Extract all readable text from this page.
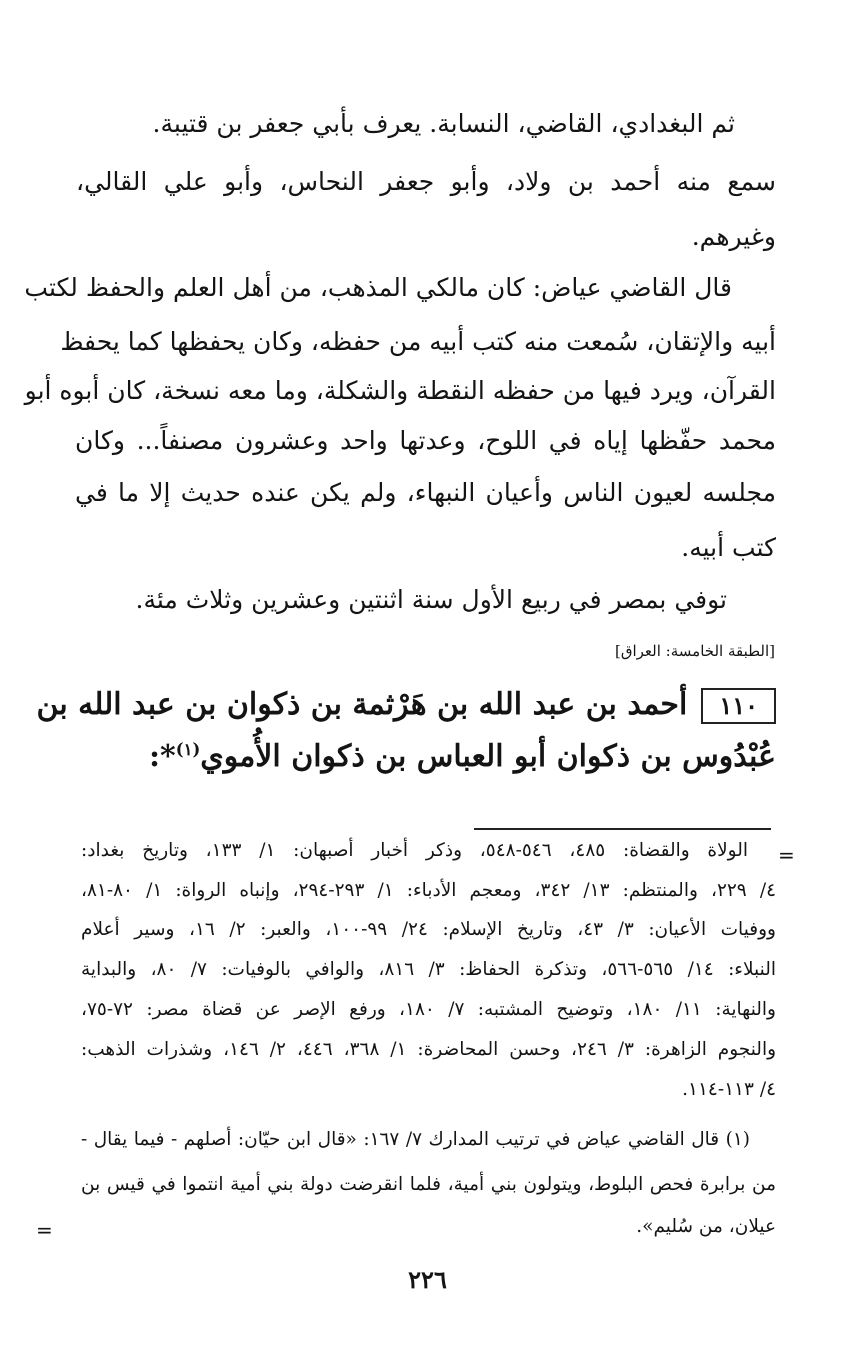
ثم البغدادي، القاضي، النسابة. يعرف بأبي جعفر بن قتيبة.
سمع منه أحمد بن ولاد، وأبو جعفر النحاس، وأبو علي القالي،
وغيرهم.
قال القاضي عياض: كان مالكي المذهب، من أهل العلم والحفظ لكتب
أبيه والإتقان، سُمعت منه كتب أبيه من حفظه، وكان يحفظها كما يحفظ
القرآن، ويرد فيها من حفظه النقطة والشكلة، وما معه نسخة، كان أبوه أبو
محمد حفّظها إياه في اللوح، وعدتها واحد وعشرون مصنفاً... وكان
مجلسه لعيون الناس وأعيان النبهاء، ولم يكن عنده حديث إلا ما في
كتب أبيه.
توفي بمصر في ربيع الأول سنة اثنتين وعشرين وثلاث مئة.
[الطبقة الخامسة: العراق]
١١٠أحمد بن عبد الله بن هَرْثمة بن ذكوان بن عبد الله بن
عُبْدُوس بن ذكوان أبو العباس بن ذكوان الأُموي$^{(١)}$*:
=
=
الولاة والقضاة: ٤٨٥، ٥٤٦-٥٤٨، وذكر أخبار أصبهان: ١/ ١٣٣، وتاريخ بغداد:
٤/ ٢٢٩، والمنتظم: ١٣/ ٣٤٢، ومعجم الأدباء: ١/ ٢٩٣-٢٩٤، وإنباه الرواة: ١/ ٨٠-٨١،
ووفيات الأعيان: ٣/ ٤٣، وتاريخ الإسلام: ٢٤/ ٩٩-١٠٠، والعبر: ٢/ ١٦، وسير أعلام
النبلاء: ١٤/ ٥٦٥-٥٦٦، وتذكرة الحفاظ: ٣/ ٨١٦، والوافي بالوفيات: ٧/ ٨٠، والبداية
والنهاية: ١١/ ١٨٠، وتوضيح المشتبه: ٧/ ١٨٠، ورفع الإصر عن قضاة مصر: ٧٢-٧٥،
والنجوم الزاهرة: ٣/ ٢٤٦، وحسن المحاضرة: ١/ ٣٦٨، ٤٤٦، ٢/ ١٤٦، وشذرات الذهب:
٤/ ١١٣-١١٤.
(١) قال القاضي عياض في ترتيب المدارك ٧/ ١٦٧: «قال ابن حيّان: أصلهم - فيما يقال -
من برابرة فحص البلوط، ويتولون بني أمية، فلما انقرضت دولة بني أمية انتموا في قيس بن
عيلان، من سُليم».
٢٢٦
